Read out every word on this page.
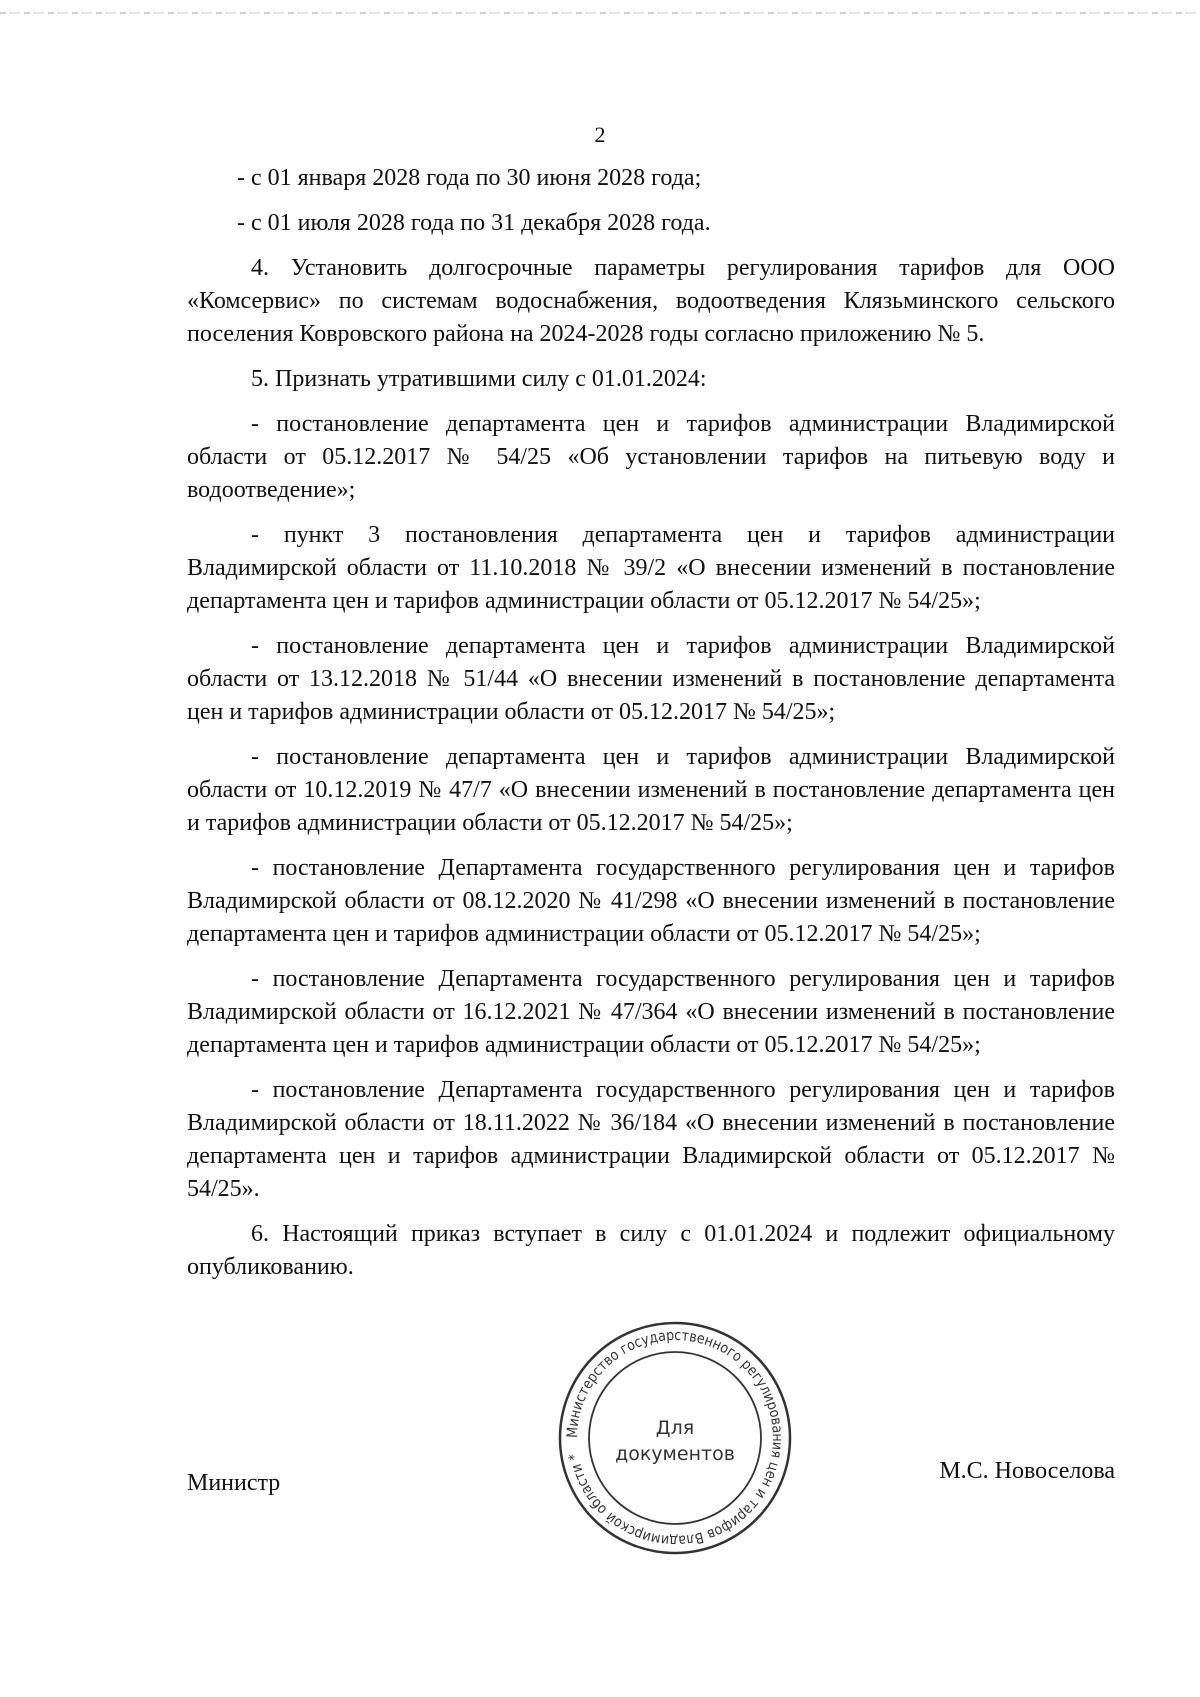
2

- с 01 января 2028 года по 30 июня 2028 года;

- с 01 июля 2028 года по 31 декабря 2028 года.

4. Установить долгосрочные параметры регулирования тарифов для ООО «Комсервис» по системам водоснабжения, водоотведения Клязьминского сельского поселения Ковровского района на 2024-2028 годы согласно приложению № 5.

5. Признать утратившими силу с 01.01.2024:

- постановление департамента цен и тарифов администрации Владимирской области от 05.12.2017 № 54/25 «Об установлении тарифов на питьевую воду и водоотведение»;

- пункт 3 постановления департамента цен и тарифов администрации Владимирской области от 11.10.2018 № 39/2 «О внесении изменений в постановление департамента цен и тарифов администрации области от 05.12.2017 № 54/25»;

- постановление департамента цен и тарифов администрации Владимирской области от 13.12.2018 № 51/44 «О внесении изменений в постановление департамента цен и тарифов администрации области от 05.12.2017 № 54/25»;

- постановление департамента цен и тарифов администрации Владимирской области от 10.12.2019 № 47/7 «О внесении изменений в постановление департамента цен и тарифов администрации области от 05.12.2017 № 54/25»;

- постановление Департамента государственного регулирования цен и тарифов Владимирской области от 08.12.2020 № 41/298 «О внесении изменений в постановление департамента цен и тарифов администрации области от 05.12.2017 № 54/25»;

- постановление Департамента государственного регулирования цен и тарифов Владимирской области от 16.12.2021 № 47/364 «О внесении изменений в постановление департамента цен и тарифов администрации области от 05.12.2017 № 54/25»;

- постановление Департамента государственного регулирования цен и тарифов Владимирской области от 18.11.2022 № 36/184 «О внесении изменений в постановление департамента цен и тарифов администрации Владимирской области от 05.12.2017 № 54/25».

6. Настоящий приказ вступает в силу с 01.01.2024 и подлежит официальному опубликованию.

Министр	М.С. Новоселова
Министерство государственного регулирования цен и тарифов Владимирской области *
Для
документов
